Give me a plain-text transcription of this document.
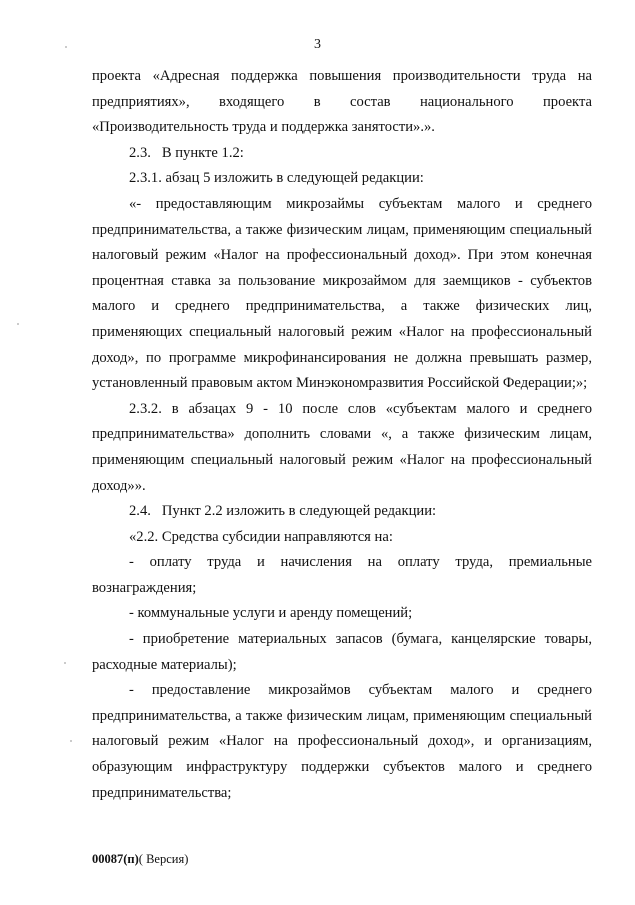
3

проекта «Адресная поддержка повышения производительности труда на предприятиях», входящего в состав национального проекта «Производительность труда и поддержка занятости».».

2.3.   В пункте 1.2:

2.3.1. абзац 5 изложить в следующей редакции:

«- предоставляющим микрозаймы субъектам малого и среднего предпринимательства, а также физическим лицам, применяющим специальный налоговый режим «Налог на профессиональный доход». При этом конечная процентная ставка за пользование микрозаймом для заемщиков - субъектов малого и среднего предпринимательства, а также физических лиц, применяющих специальный налоговый режим «Налог на профессиональный доход», по программе микрофинансирования не должна превышать размер, установленный правовым актом Минэкономразвития Российской Федерации;»;

2.3.2. в абзацах 9 - 10 после слов «субъектам малого и среднего предпринимательства» дополнить словами «, а также физическим лицам, применяющим специальный налоговый режим «Налог на профессиональный доход»».

2.4.   Пункт 2.2 изложить в следующей редакции:

«2.2. Средства субсидии направляются на:

- оплату труда и начисления на оплату труда, премиальные вознаграждения;

- коммунальные услуги и аренду помещений;

- приобретение материальных запасов (бумага, канцелярские товары, расходные материалы);

- предоставление микрозаймов субъектам малого и среднего предпринимательства, а также физическим лицам, применяющим специальный налоговый режим «Налог на профессиональный доход», и организациям, образующим инфраструктуру поддержки субъектов малого и среднего предпринимательства;

00087(п)( Версия)
